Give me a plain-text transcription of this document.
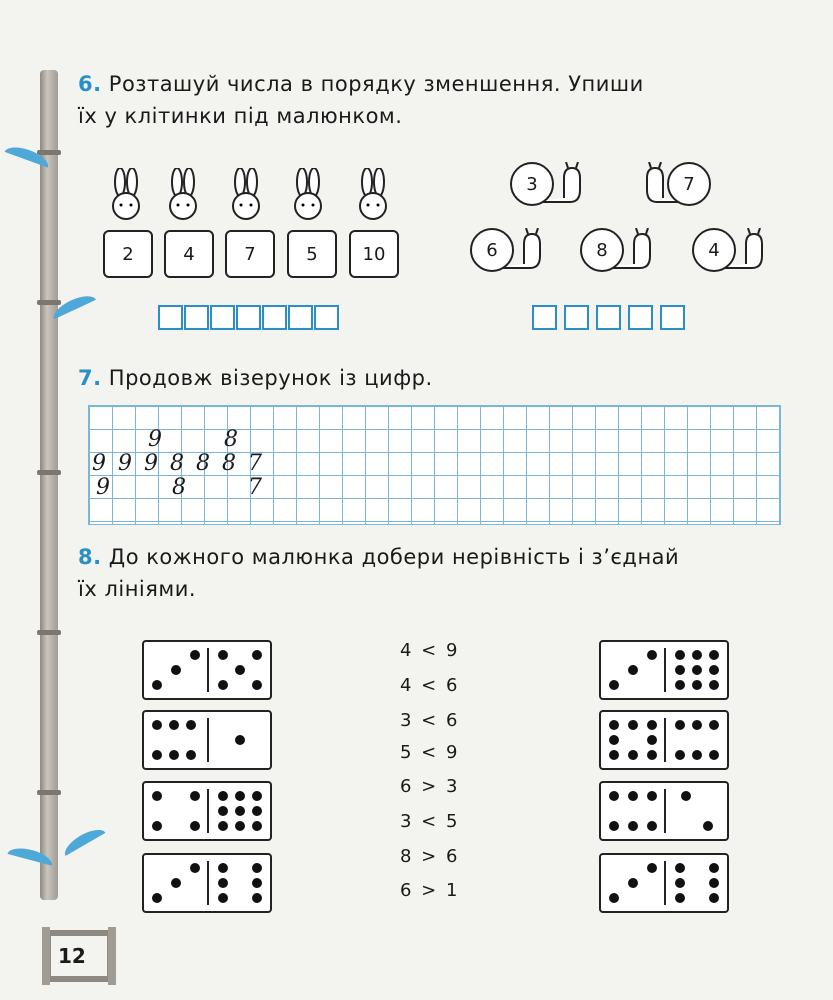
6. Розташуй числа в порядку зменшення. Упиши
їх у клітинки під малюнком.
2	4	7	5	10
3	7
6	8	4
7. Продовж візерунок із цифр.
9	8
9 9 9 8 8 8 7
9	8	7
8. До кожного малюнка добери нерівність і з’єднай
їх лініями.
4 < 9
4 < 6
3 < 6
5 < 9
6 > 3
3 < 5
8 > 6
6 > 1
12
